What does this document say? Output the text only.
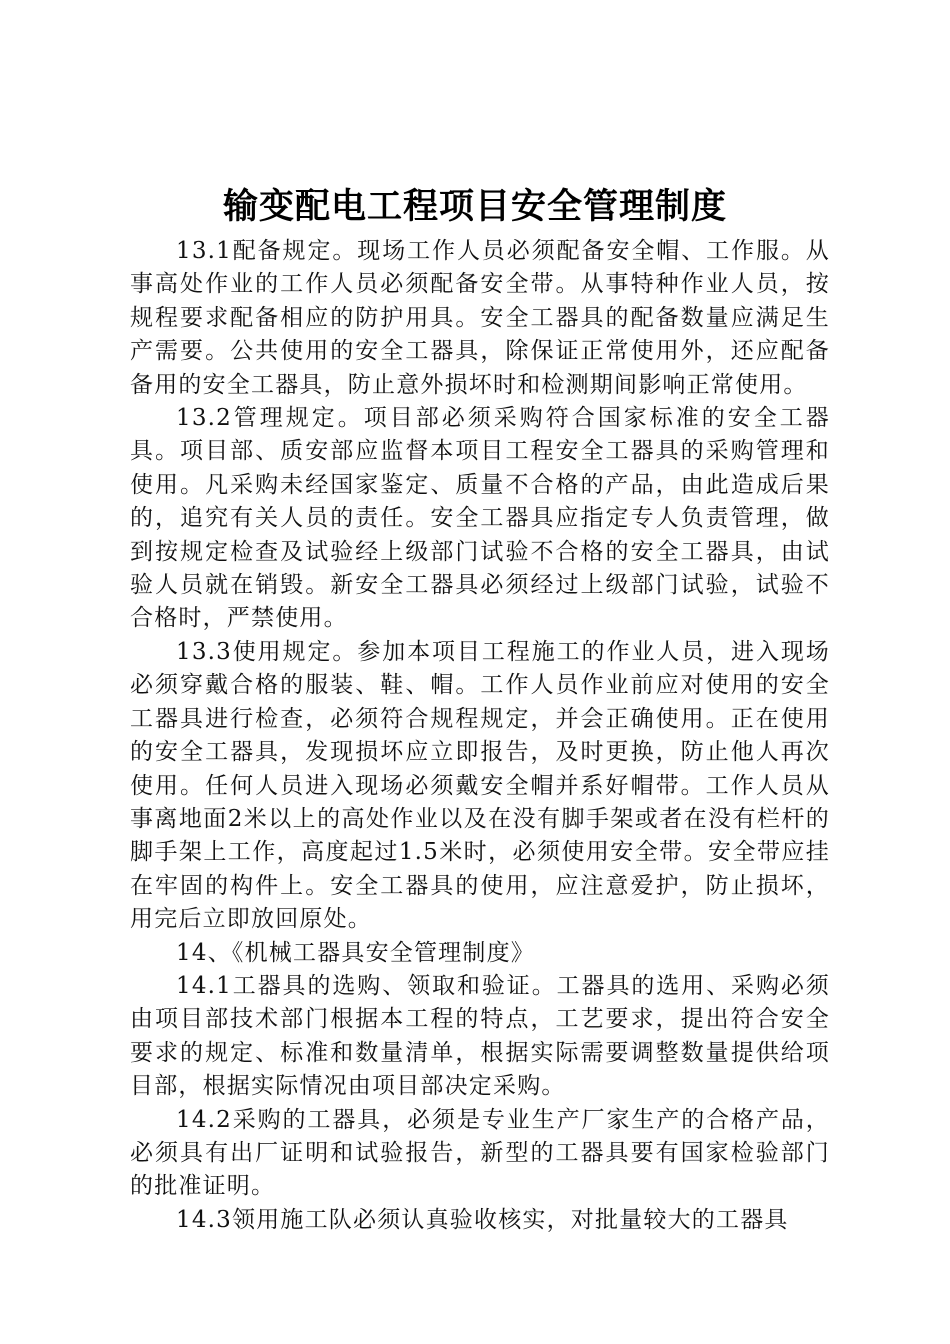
输变配电工程项目安全管理制度

13.1配备规定。现场工作人员必须配备安全帽、工作服。从事高处作业的工作人员必须配备安全带。从事特种作业人员，按规程要求配备相应的防护用具。安全工器具的配备数量应满足生产需要。公共使用的安全工器具，除保证正常使用外，还应配备备用的安全工器具，防止意外损坏时和检测期间影响正常使用。

13.2管理规定。项目部必须采购符合国家标准的安全工器具。项目部、质安部应监督本项目工程安全工器具的采购管理和使用。凡采购未经国家鉴定、质量不合格的产品，由此造成后果的，追究有关人员的责任。安全工器具应指定专人负责管理，做到按规定检查及试验经上级部门试验不合格的安全工器具，由试验人员就在销毁。新安全工器具必须经过上级部门试验，试验不合格时，严禁使用。

13.3使用规定。参加本项目工程施工的作业人员，进入现场必须穿戴合格的服装、鞋、帽。工作人员作业前应对使用的安全工器具进行检查，必须符合规程规定，并会正确使用。正在使用的安全工器具，发现损坏应立即报告，及时更换，防止他人再次使用。任何人员进入现场必须戴安全帽并系好帽带。工作人员从事离地面2米以上的高处作业以及在没有脚手架或者在没有栏杆的脚手架上工作，高度起过1.5米时，必须使用安全带。安全带应挂在牢固的构件上。安全工器具的使用，应注意爱护，防止损坏，用完后立即放回原处。

14、《机械工器具安全管理制度》

14.1工器具的选购、领取和验证。工器具的选用、采购必须由项目部技术部门根据本工程的特点，工艺要求，提出符合安全要求的规定、标准和数量清单，根据实际需要调整数量提供给项目部，根据实际情况由项目部决定采购。

14.2采购的工器具，必须是专业生产厂家生产的合格产品，必须具有出厂证明和试验报告，新型的工器具要有国家检验部门的批准证明。

14.3领用施工队必须认真验收核实，对批量较大的工器具
